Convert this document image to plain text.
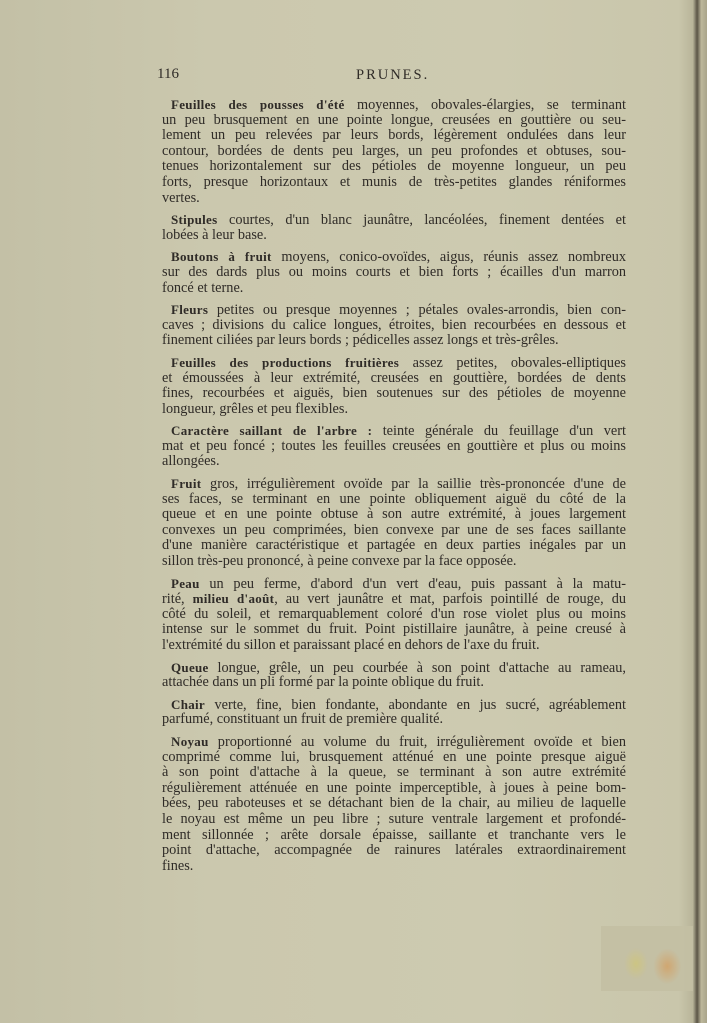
116	PRUNES.
Feuilles des pousses d'été moyennes, obovales-élargies, se terminant
un peu brusquement en une pointe longue, creusées en gouttière ou seu-
lement un peu relevées par leurs bords, légèrement ondulées dans leur
contour, bordées de dents peu larges, un peu profondes et obtuses, sou-
tenues horizontalement sur des pétioles de moyenne longueur, un peu
forts, presque horizontaux et munis de très-petites glandes réniformes
vertes.
Stipules courtes, d'un blanc jaunâtre, lancéolées, finement dentées et
lobées à leur base.
Boutons à fruit moyens, conico-ovoïdes, aigus, réunis assez nombreux
sur des dards plus ou moins courts et bien forts ; écailles d'un marron
foncé et terne.
Fleurs petites ou presque moyennes ; pétales ovales-arrondis, bien con-
caves ; divisions du calice longues, étroites, bien recourbées en dessous et
finement ciliées par leurs bords ; pédicelles assez longs et très-grêles.
Feuilles des productions fruitières assez petites, obovales-elliptiques
et émoussées à leur extrémité, creusées en gouttière, bordées de dents
fines, recourbées et aiguës, bien soutenues sur des pétioles de moyenne
longueur, grêles et peu flexibles.
Caractère saillant de l'arbre : teinte générale du feuillage d'un vert
mat et peu foncé ; toutes les feuilles creusées en gouttière et plus ou moins
allongées.
Fruit gros, irrégulièrement ovoïde par la saillie très-prononcée d'une de
ses faces, se terminant en une pointe obliquement aiguë du côté de la
queue et en une pointe obtuse à son autre extrémité, à joues largement
convexes un peu comprimées, bien convexe par une de ses faces saillante
d'une manière caractéristique et partagée en deux parties inégales par un
sillon très-peu prononcé, à peine convexe par la face opposée.
Peau un peu ferme, d'abord d'un vert d'eau, puis passant à la matu-
rité, milieu d'août, au vert jaunâtre et mat, parfois pointillé de rouge, du
côté du soleil, et remarquablement coloré d'un rose violet plus ou moins
intense sur le sommet du fruit. Point pistillaire jaunâtre, à peine creusé à
l'extrémité du sillon et paraissant placé en dehors de l'axe du fruit.
Queue longue, grêle, un peu courbée à son point d'attache au rameau,
attachée dans un pli formé par la pointe oblique du fruit.
Chair verte, fine, bien fondante, abondante en jus sucré, agréablement
parfumé, constituant un fruit de première qualité.
Noyau proportionné au volume du fruit, irrégulièrement ovoïde et bien
comprimé comme lui, brusquement atténué en une pointe presque aiguë
à son point d'attache à la queue, se terminant à son autre extrémité
régulièrement atténuée en une pointe imperceptible, à joues à peine bom-
bées, peu raboteuses et se détachant bien de la chair, au milieu de laquelle
le noyau est même un peu libre ; suture ventrale largement et profondé-
ment sillonnée ; arête dorsale épaisse, saillante et tranchante vers le
point d'attache, accompagnée de rainures latérales extraordinairement
fines.
